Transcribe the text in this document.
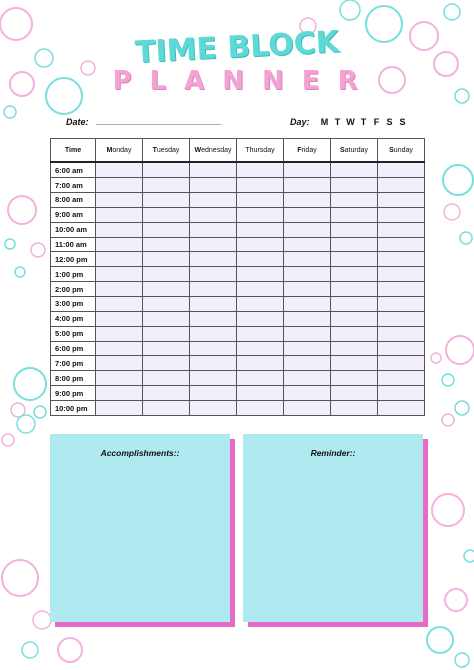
TIME BLOCK
PLANNER
Date: _________________________	Day:	M T W T F S S
Time	Monday	Tuesday	Wednesday	Thursday	Friday	Saturday	Sunday
6:00 am							
7:00 am							
8:00 am							
9:00 am							
10:00 am							
11:00 am							
12:00 pm							
1:00 pm							
2:00 pm							
3:00 pm							
4:00 pm							
5:00 pm							
6:00 pm							
7:00 pm							
8:00 pm							
9:00 pm							
10:00 pm							
Accomplishments::	Reminder::
